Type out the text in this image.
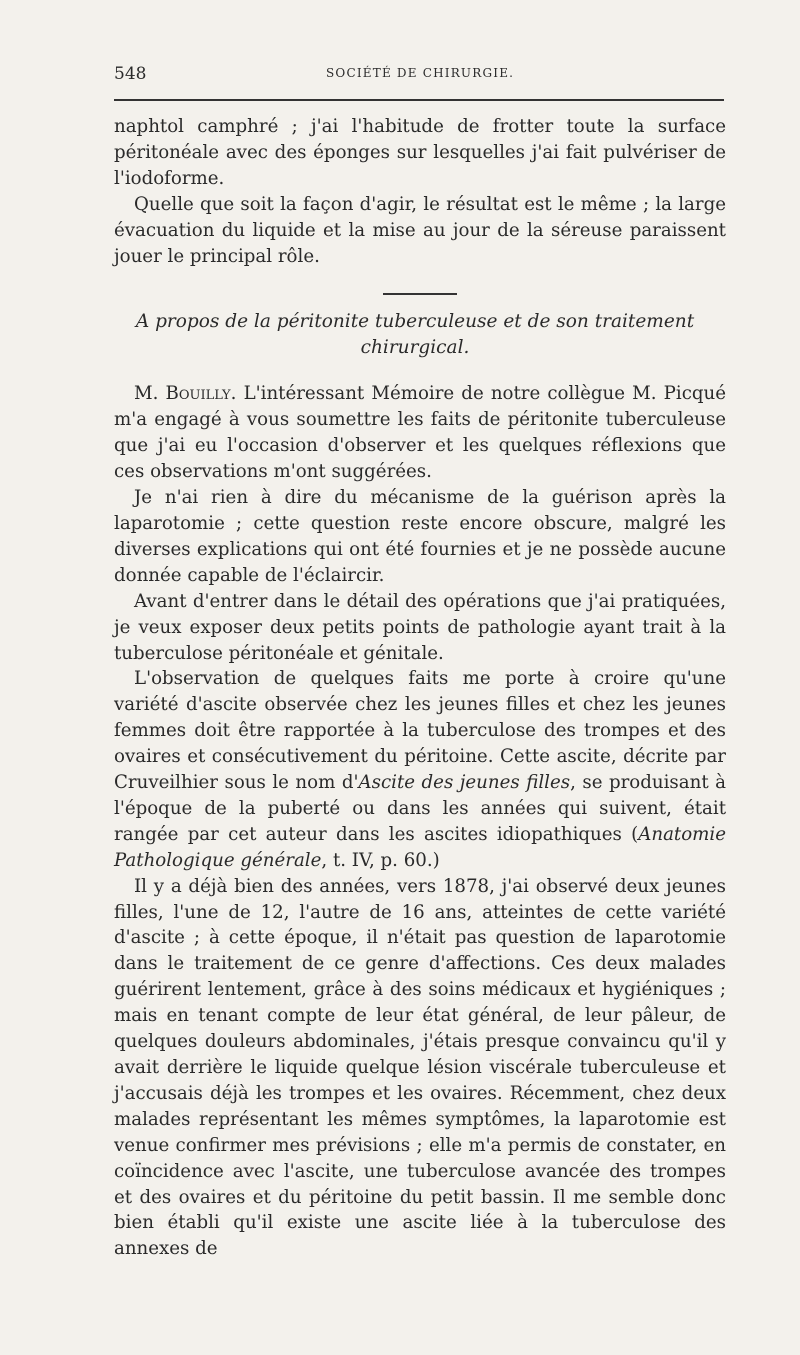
548	SOCIÉTÉ DE CHIRURGIE.

naphtol camphré ; j'ai l'habitude de frotter toute la surface péritonéale avec des éponges sur lesquelles j'ai fait pulvériser de l'iodoforme.

Quelle que soit la façon d'agir, le résultat est le même ; la large évacuation du liquide et la mise au jour de la séreuse paraissent jouer le principal rôle.

A propos de la péritonite tuberculeuse et de son traitement chirurgical.

M. Bouilly. L'intéressant Mémoire de notre collègue M. Picqué m'a engagé à vous soumettre les faits de péritonite tuberculeuse que j'ai eu l'occasion d'observer et les quelques réflexions que ces observations m'ont suggérées.

Je n'ai rien à dire du mécanisme de la guérison après la laparotomie ; cette question reste encore obscure, malgré les diverses explications qui ont été fournies et je ne possède aucune donnée capable de l'éclaircir.

Avant d'entrer dans le détail des opérations que j'ai pratiquées, je veux exposer deux petits points de pathologie ayant trait à la tuberculose péritonéale et génitale.

L'observation de quelques faits me porte à croire qu'une variété d'ascite observée chez les jeunes filles et chez les jeunes femmes doit être rapportée à la tuberculose des trompes et des ovaires et consécutivement du péritoine. Cette ascite, décrite par Cruveilhier sous le nom d'Ascite des jeunes filles, se produisant à l'époque de la puberté ou dans les années qui suivent, était rangée par cet auteur dans les ascites idiopathiques (Anatomie Pathologique générale, t. IV, p. 60.)

Il y a déjà bien des années, vers 1878, j'ai observé deux jeunes filles, l'une de 12, l'autre de 16 ans, atteintes de cette variété d'ascite ; à cette époque, il n'était pas question de laparotomie dans le traitement de ce genre d'affections. Ces deux malades guérirent lentement, grâce à des soins médicaux et hygiéniques ; mais en tenant compte de leur état général, de leur pâleur, de quelques douleurs abdominales, j'étais presque convaincu qu'il y avait derrière le liquide quelque lésion viscérale tuberculeuse et j'accusais déjà les trompes et les ovaires. Récemment, chez deux malades représentant les mêmes symptômes, la laparotomie est venue confirmer mes prévisions ; elle m'a permis de constater, en coïncidence avec l'ascite, une tuberculose avancée des trompes et des ovaires et du péritoine du petit bassin. Il me semble donc bien établi qu'il existe une ascite liée à la tuberculose des annexes de
